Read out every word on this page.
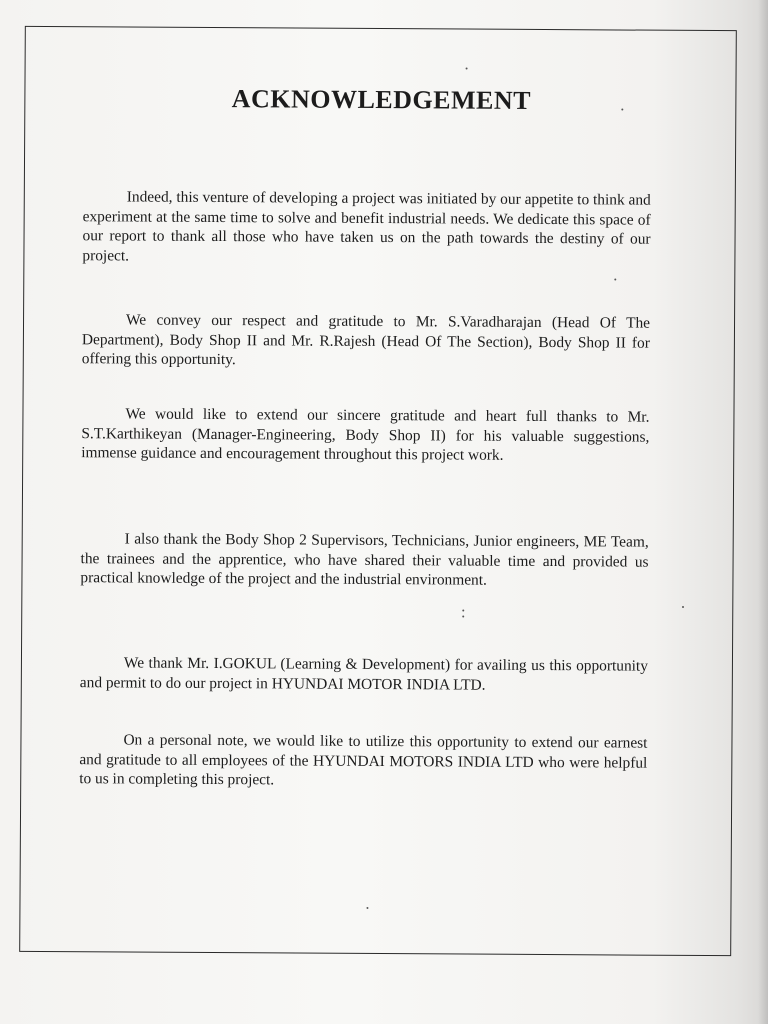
ACKNOWLEDGEMENT

Indeed, this venture of developing a project was initiated by our appetite to think and experiment at the same time to solve and benefit industrial needs. We dedicate this space of our report to thank all those who have taken us on the path towards the destiny of our project.

We convey our respect and gratitude to Mr. S.Varadharajan (Head Of The Department), Body Shop II and Mr. R.Rajesh (Head Of The Section), Body Shop II for offering this opportunity.

We would like to extend our sincere gratitude and heart full thanks to Mr. S.T.Karthikeyan (Manager-Engineering, Body Shop II) for his valuable suggestions, immense guidance and encouragement throughout this project work.

I also thank the Body Shop 2 Supervisors, Technicians, Junior engineers, ME Team, the trainees and the apprentice, who have shared their valuable time and provided us practical knowledge of the project and the industrial environment.

We thank Mr. I.GOKUL (Learning & Development) for availing us this opportunity and permit to do our project in HYUNDAI MOTOR INDIA LTD.

On a personal note, we would like to utilize this opportunity to extend our earnest and gratitude to all employees of the HYUNDAI MOTORS INDIA LTD who were helpful to us in completing this project.
